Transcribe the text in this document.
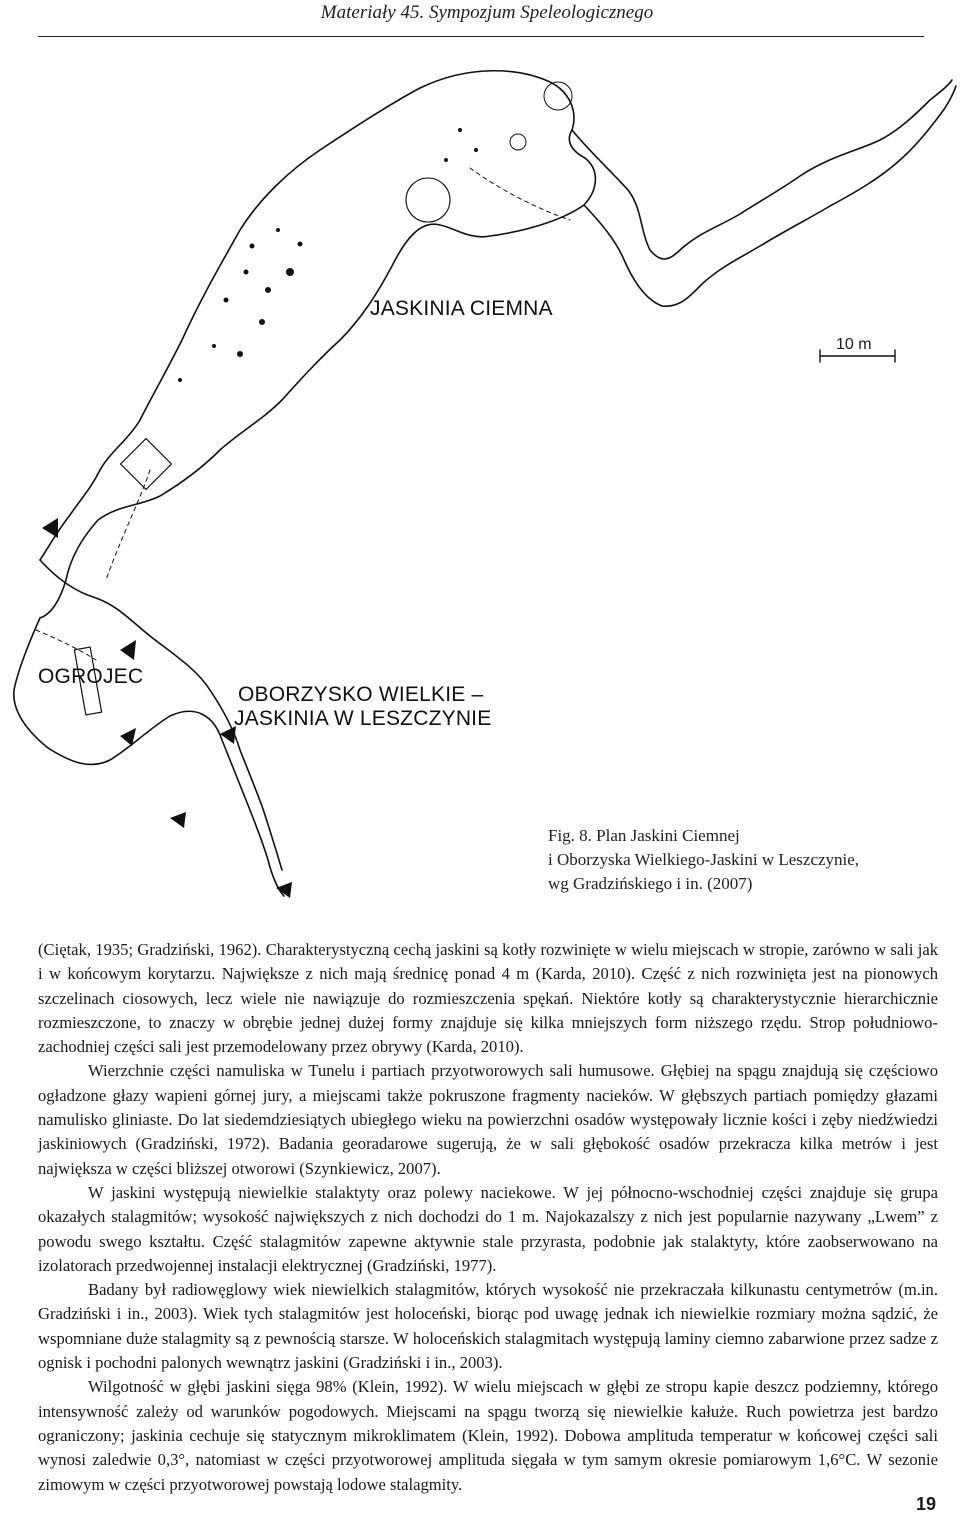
Materiały 45. Sympozjum Speleologicznego
JASKINIA CIEMNA
10 m
OGROJEC
OBORZYSKO WIELKIE –
JASKINIA W LESZCZYNIE
Fig. 8. Plan Jaskini Ciemnej
i Oborzyska Wielkiego-Jaskini w Leszczynie,
wg Gradzińskiego i in. (2007)

(Ciętak, 1935; Gradziński, 1962). Charakterystyczną cechą jaskini są kotły rozwinięte w wielu miejscach w stropie, zarówno w sali jak i w końcowym korytarzu. Największe z nich mają średnicę ponad 4 m (Karda, 2010). Część z nich rozwinięta jest na pionowych szczelinach ciosowych, lecz wiele nie nawiązuje do rozmieszczenia spękań. Niektóre kotły są charakterystycznie hierarchicznie rozmieszczone, to znaczy w obrębie jednej dużej formy znajduje się kilka mniejszych form niższego rzędu. Strop południowo-zachodniej części sali jest przemodelowany przez obrywy (Karda, 2010).

Wierzchnie części namuliska w Tunelu i partiach przyotworowych sali humusowe. Głębiej na spągu znajdują się częściowo ogładzone głazy wapieni górnej jury, a miejscami także pokruszone fragmenty nacieków. W głębszych partiach pomiędzy głazami namulisko gliniaste. Do lat siedemdziesiątych ubiegłego wieku na powierzchni osadów występowały licznie kości i zęby niedźwiedzi jaskiniowych (Gradziński, 1972). Badania georadarowe sugerują, że w sali głębokość osadów przekracza kilka metrów i jest największa w części bliższej otworowi (Szynkiewicz, 2007).

W jaskini występują niewielkie stalaktyty oraz polewy naciekowe. W jej północno-wschodniej części znajduje się grupa okazałych stalagmitów; wysokość największych z nich dochodzi do 1 m. Najokazalszy z nich jest popularnie nazywany „Lwem” z powodu swego kształtu. Część stalagmitów zapewne aktywnie stale przyrasta, podobnie jak stalaktyty, które zaobserwowano na izolatorach przedwojennej instalacji elektrycznej (Gradziński, 1977).

Badany był radiowęglowy wiek niewielkich stalagmitów, których wysokość nie przekraczała kilkunastu centymetrów (m.in. Gradziński i in., 2003). Wiek tych stalagmitów jest holoceński, biorąc pod uwagę jednak ich niewielkie rozmiary można sądzić, że wspomniane duże stalagmity są z pewnością starsze. W holoceńskich stalagmitach występują laminy ciemno zabarwione przez sadze z ognisk i pochodni palonych wewnątrz jaskini (Gradziński i in., 2003).

Wilgotność w głębi jaskini sięga 98% (Klein, 1992). W wielu miejscach w głębi ze stropu kapie deszcz podziemny, którego intensywność zależy od warunków pogodowych. Miejscami na spągu tworzą się niewielkie kałuże. Ruch powietrza jest bardzo ograniczony; jaskinia cechuje się statycznym mikroklimatem (Klein, 1992). Dobowa amplituda temperatur w końcowej części sali wynosi zaledwie 0,3°, natomiast w części przyotworowej amplituda sięgała w tym samym okresie pomiarowym 1,6°C. W sezonie zimowym w części przyotworowej powstają lodowe stalagmity.

19
